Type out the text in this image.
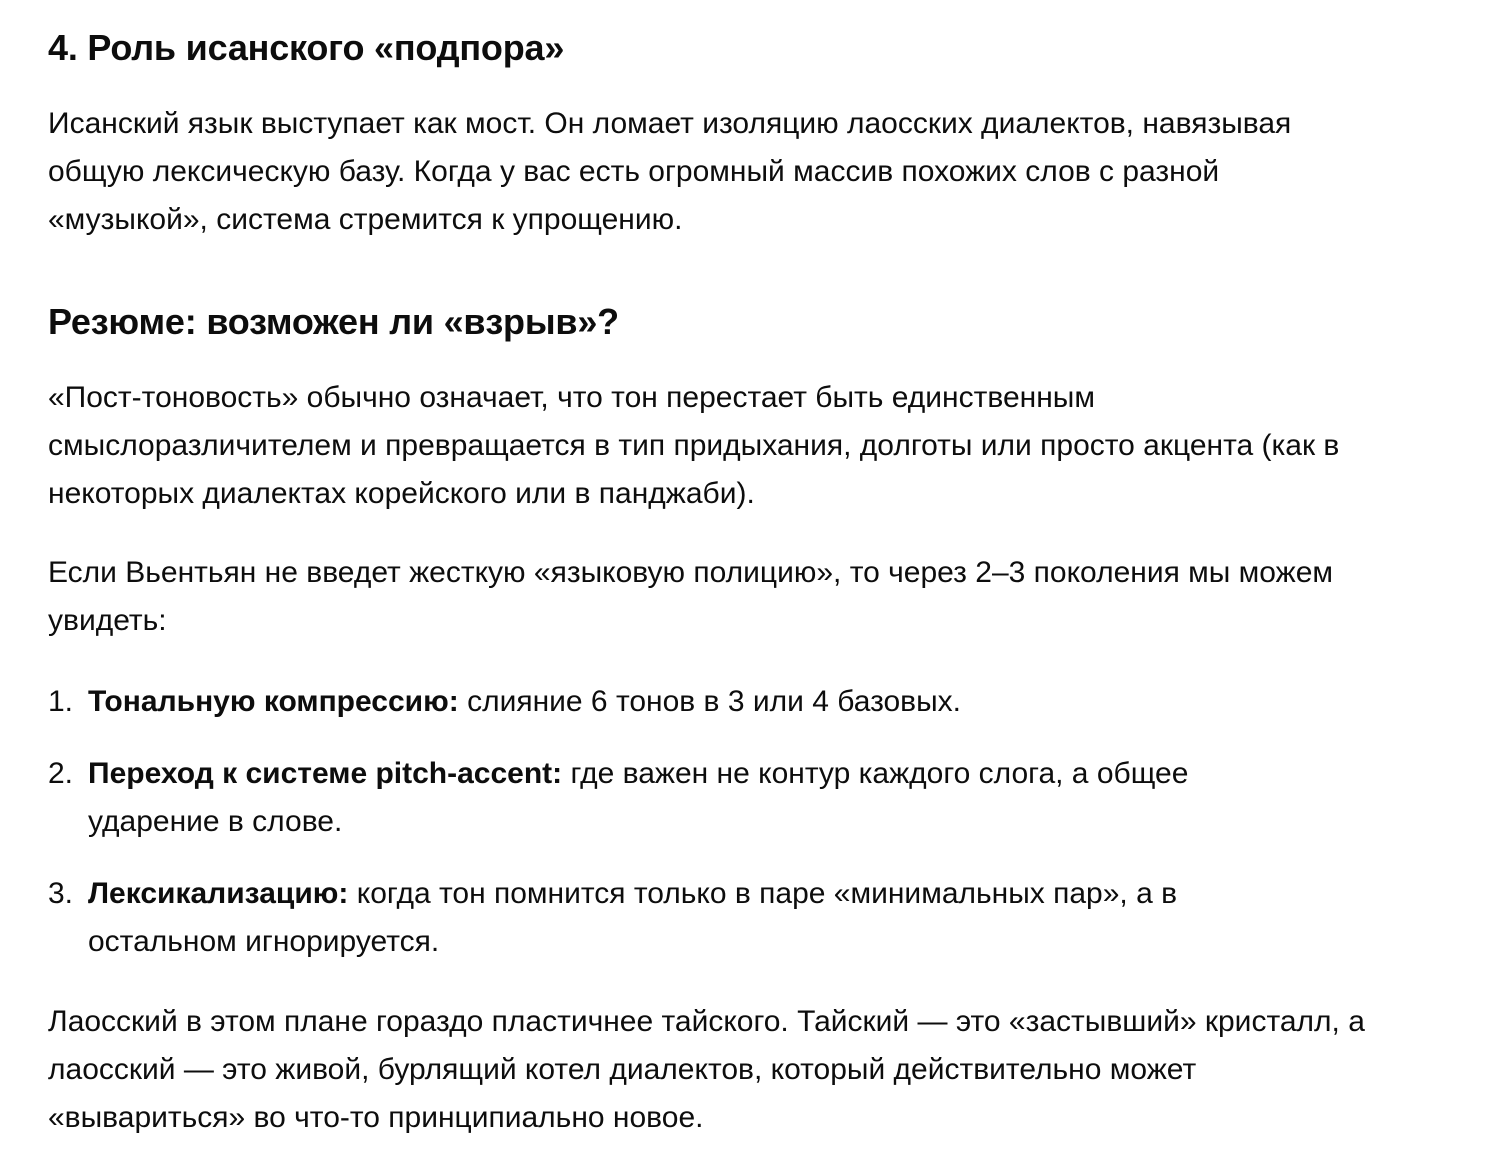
4. Роль исанского «подпора»

Исанский язык выступает как мост. Он ломает изоляцию лаосских диалектов, навязывая общую лексическую базу. Когда у вас есть огромный массив похожих слов с разной «музыкой», система стремится к упрощению.

Резюме: возможен ли «взрыв»?

«Пост-тоновость» обычно означает, что тон перестает быть единственным смыслоразличителем и превращается в тип придыхания, долготы или просто акцента (как в некоторых диалектах корейского или в панджаби).

Если Вьентьян не введет жесткую «языковую полицию», то через 2–3 поколения мы можем увидеть:

1. Тональную компрессию: слияние 6 тонов в 3 или 4 базовых.
2. Переход к системе pitch-accent: где важен не контур каждого слога, а общее ударение в слове.
3. Лексикализацию: когда тон помнится только в паре «минимальных пар», а в остальном игнорируется.

Лаосский в этом плане гораздо пластичнее тайского. Тайский — это «застывший» кристалл, а лаосский — это живой, бурлящий котел диалектов, который действительно может «вывариться» во что-то принципиально новое.
